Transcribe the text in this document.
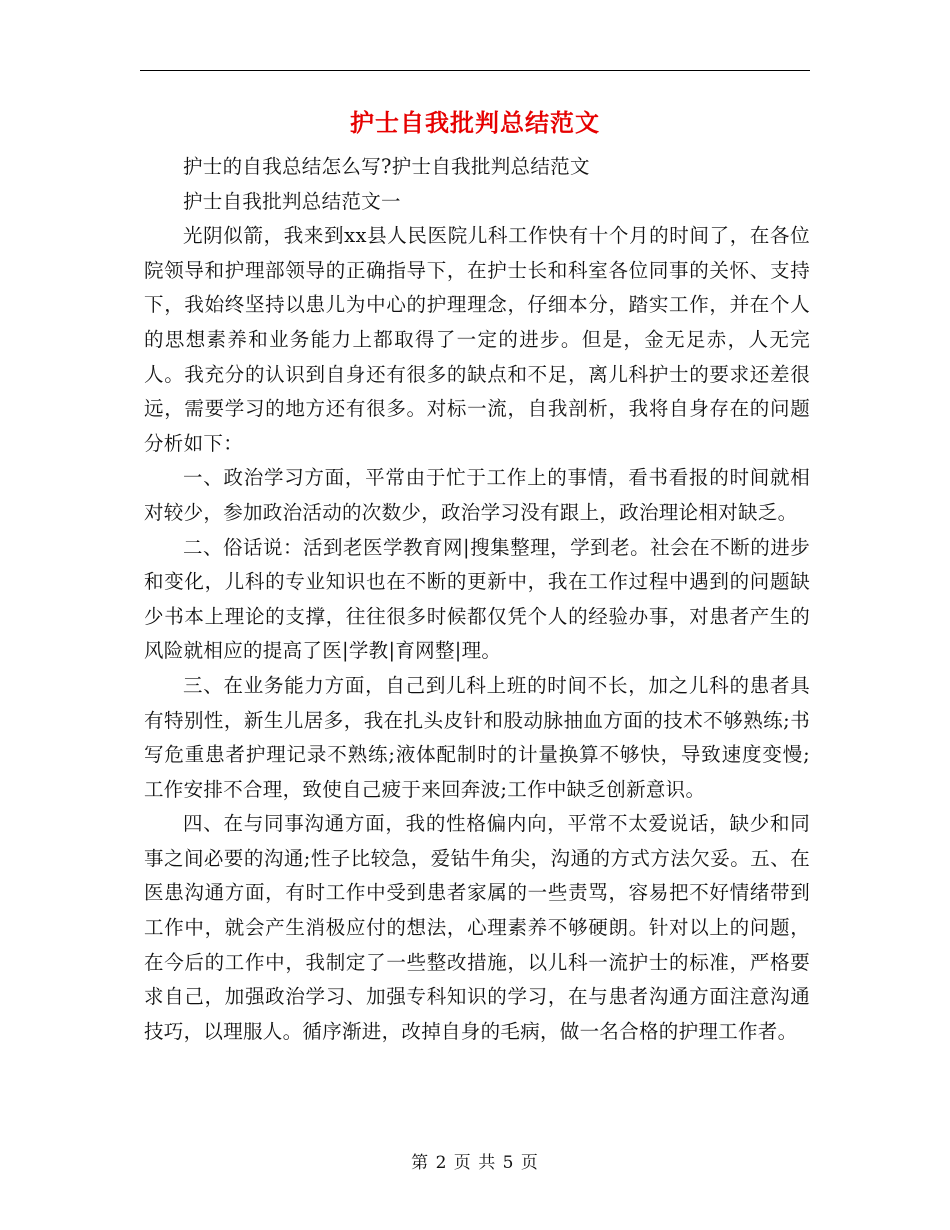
护士自我批判总结范文

护士的自我总结怎么写?护士自我批判总结范文

护士自我批判总结范文一

光阴似箭，我来到xx县人民医院儿科工作快有十个月的时间了，在各位院领导和护理部领导的正确指导下，在护士长和科室各位同事的关怀、支持下，我始终坚持以患儿为中心的护理理念，仔细本分，踏实工作，并在个人的思想素养和业务能力上都取得了一定的进步。但是，金无足赤，人无完人。我充分的认识到自身还有很多的缺点和不足，离儿科护士的要求还差很远，需要学习的地方还有很多。对标一流，自我剖析，我将自身存在的问题分析如下：

一、政治学习方面，平常由于忙于工作上的事情，看书看报的时间就相对较少，参加政治活动的次数少，政治学习没有跟上，政治理论相对缺乏。

二、俗话说：活到老医学教育网|搜集整理，学到老。社会在不断的进步和变化，儿科的专业知识也在不断的更新中，我在工作过程中遇到的问题缺少书本上理论的支撑，往往很多时候都仅凭个人的经验办事，对患者产生的风险就相应的提高了医|学教|育网整|理。

三、在业务能力方面，自己到儿科上班的时间不长，加之儿科的患者具有特别性，新生儿居多，我在扎头皮针和股动脉抽血方面的技术不够熟练;书写危重患者护理记录不熟练;液体配制时的计量换算不够快，导致速度变慢;工作安排不合理，致使自己疲于来回奔波;工作中缺乏创新意识。

四、在与同事沟通方面，我的性格偏内向，平常不太爱说话，缺少和同事之间必要的沟通;性子比较急，爱钻牛角尖，沟通的方式方法欠妥。五、在医患沟通方面，有时工作中受到患者家属的一些责骂，容易把不好情绪带到工作中，就会产生消极应付的想法，心理素养不够硬朗。针对以上的问题，在今后的工作中，我制定了一些整改措施，以儿科一流护士的标准，严格要求自己，加强政治学习、加强专科知识的学习，在与患者沟通方面注意沟通技巧，以理服人。循序渐进，改掉自身的毛病，做一名合格的护理工作者。

第 2 页 共 5 页
